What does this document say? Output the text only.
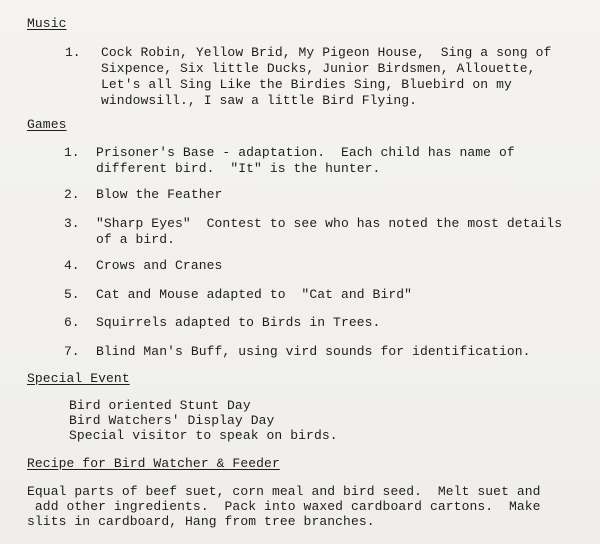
Music
1. Cock Robin, Yellow Brid, My Pigeon House,  Sing a song of
Sixpence, Six little Ducks, Junior Birdsmen, Allouette,
Let's all Sing Like the Birdies Sing, Bluebird on my
windowsill., I saw a little Bird Flying.
Games
1. Prisoner's Base - adaptation.  Each child has name of
different bird.  "It" is the hunter.
2. Blow the Feather
3. "Sharp Eyes"  Contest to see who has noted the most details
of a bird.
4. Crows and Cranes
5. Cat and Mouse adapted to  "Cat and Bird"
6. Squirrels adapted to Birds in Trees.
7. Blind Man's Buff, using vird sounds for identification.
Special Event
Bird oriented Stunt Day
Bird Watchers' Display Day
Special visitor to speak on birds.
Recipe for Bird Watcher & Feeder
Equal parts of beef suet, corn meal and bird seed.  Melt suet and
add other ingredients.  Pack into waxed cardboard cartons.  Make
slits in cardboard, Hang from tree branches.
